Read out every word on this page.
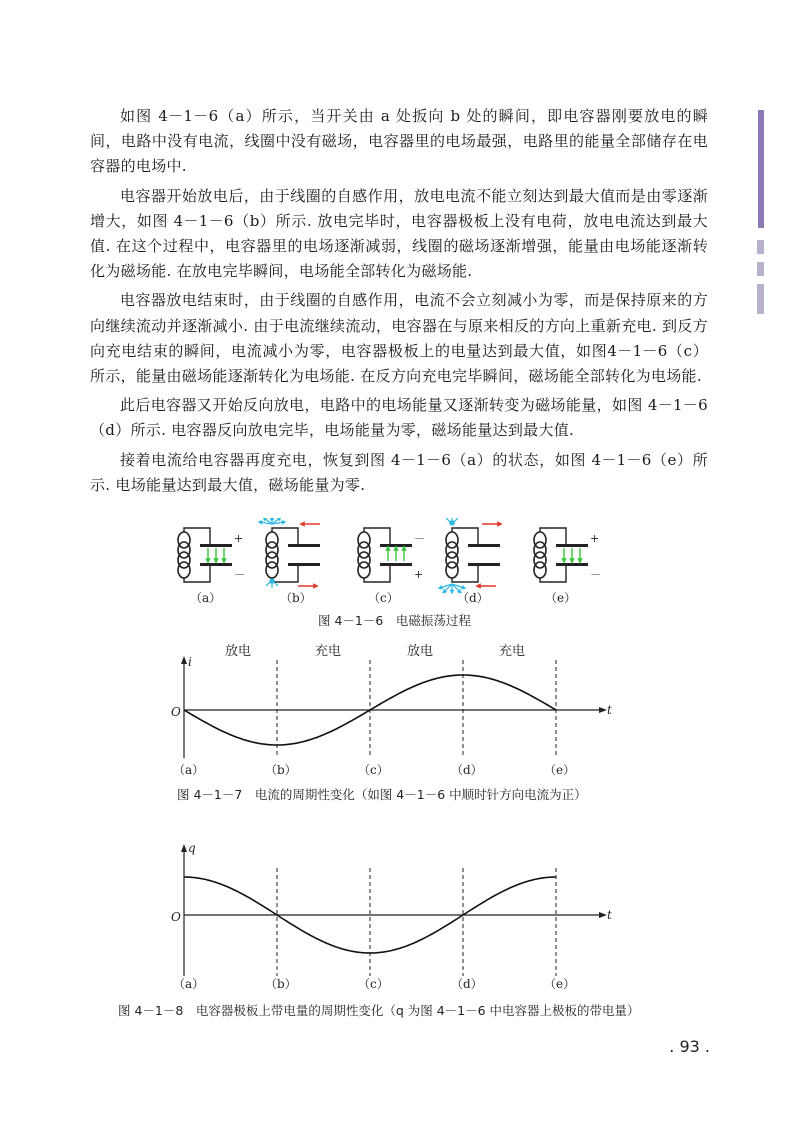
如图 4－1－6（a）所示，当开关由 a 处扳向 b 处的瞬间，即电容器刚要放电的瞬间，电路中没有电流，线圈中没有磁场，电容器里的电场最强，电路里的能量全部储存在电容器的电场中.

电容器开始放电后，由于线圈的自感作用，放电电流不能立刻达到最大值而是由零逐渐增大，如图 4－1－6（b）所示. 放电完毕时，电容器极板上没有电荷，放电电流达到最大值. 在这个过程中，电容器里的电场逐渐减弱，线圈的磁场逐渐增强，能量由电场能逐渐转化为磁场能. 在放电完毕瞬间，电场能全部转化为磁场能.

电容器放电结束时，由于线圈的自感作用，电流不会立刻减小为零，而是保持原来的方向继续流动并逐渐减小. 由于电流继续流动，电容器在与原来相反的方向上重新充电. 到反方向充电结束的瞬间，电流减小为零，电容器极板上的电量达到最大值，如图4－1－6（c）所示，能量由磁场能逐渐转化为电场能. 在反方向充电完毕瞬间，磁场能全部转化为电场能.

此后电容器又开始反向放电，电路中的电场能量又逐渐转变为磁场能量，如图 4－1－6（d）所示. 电容器反向放电完毕，电场能量为零，磁场能量达到最大值.

接着电流给电容器再度充电，恢复到图 4－1－6（a）的状态，如图 4－1－6（e）所示. 电场能量达到最大值，磁场能量为零.

+
－
－
+
+
－
（a）	（b）	（c）	（d）	（e）
图 4－1－6　电磁振荡过程
放电	充电	放电	充电
i
t
O
（a）	（b）	（c）	（d）	（e）
图 4－1－7　电流的周期性变化（如图 4－1－6 中顺时针方向电流为正）
q
t
O
（a）	（b）	（c）	（d）	（e）
图 4－1－8　电容器极板上带电量的周期性变化（q 为图 4－1－6 中电容器上极板的带电量）
. 93 .
